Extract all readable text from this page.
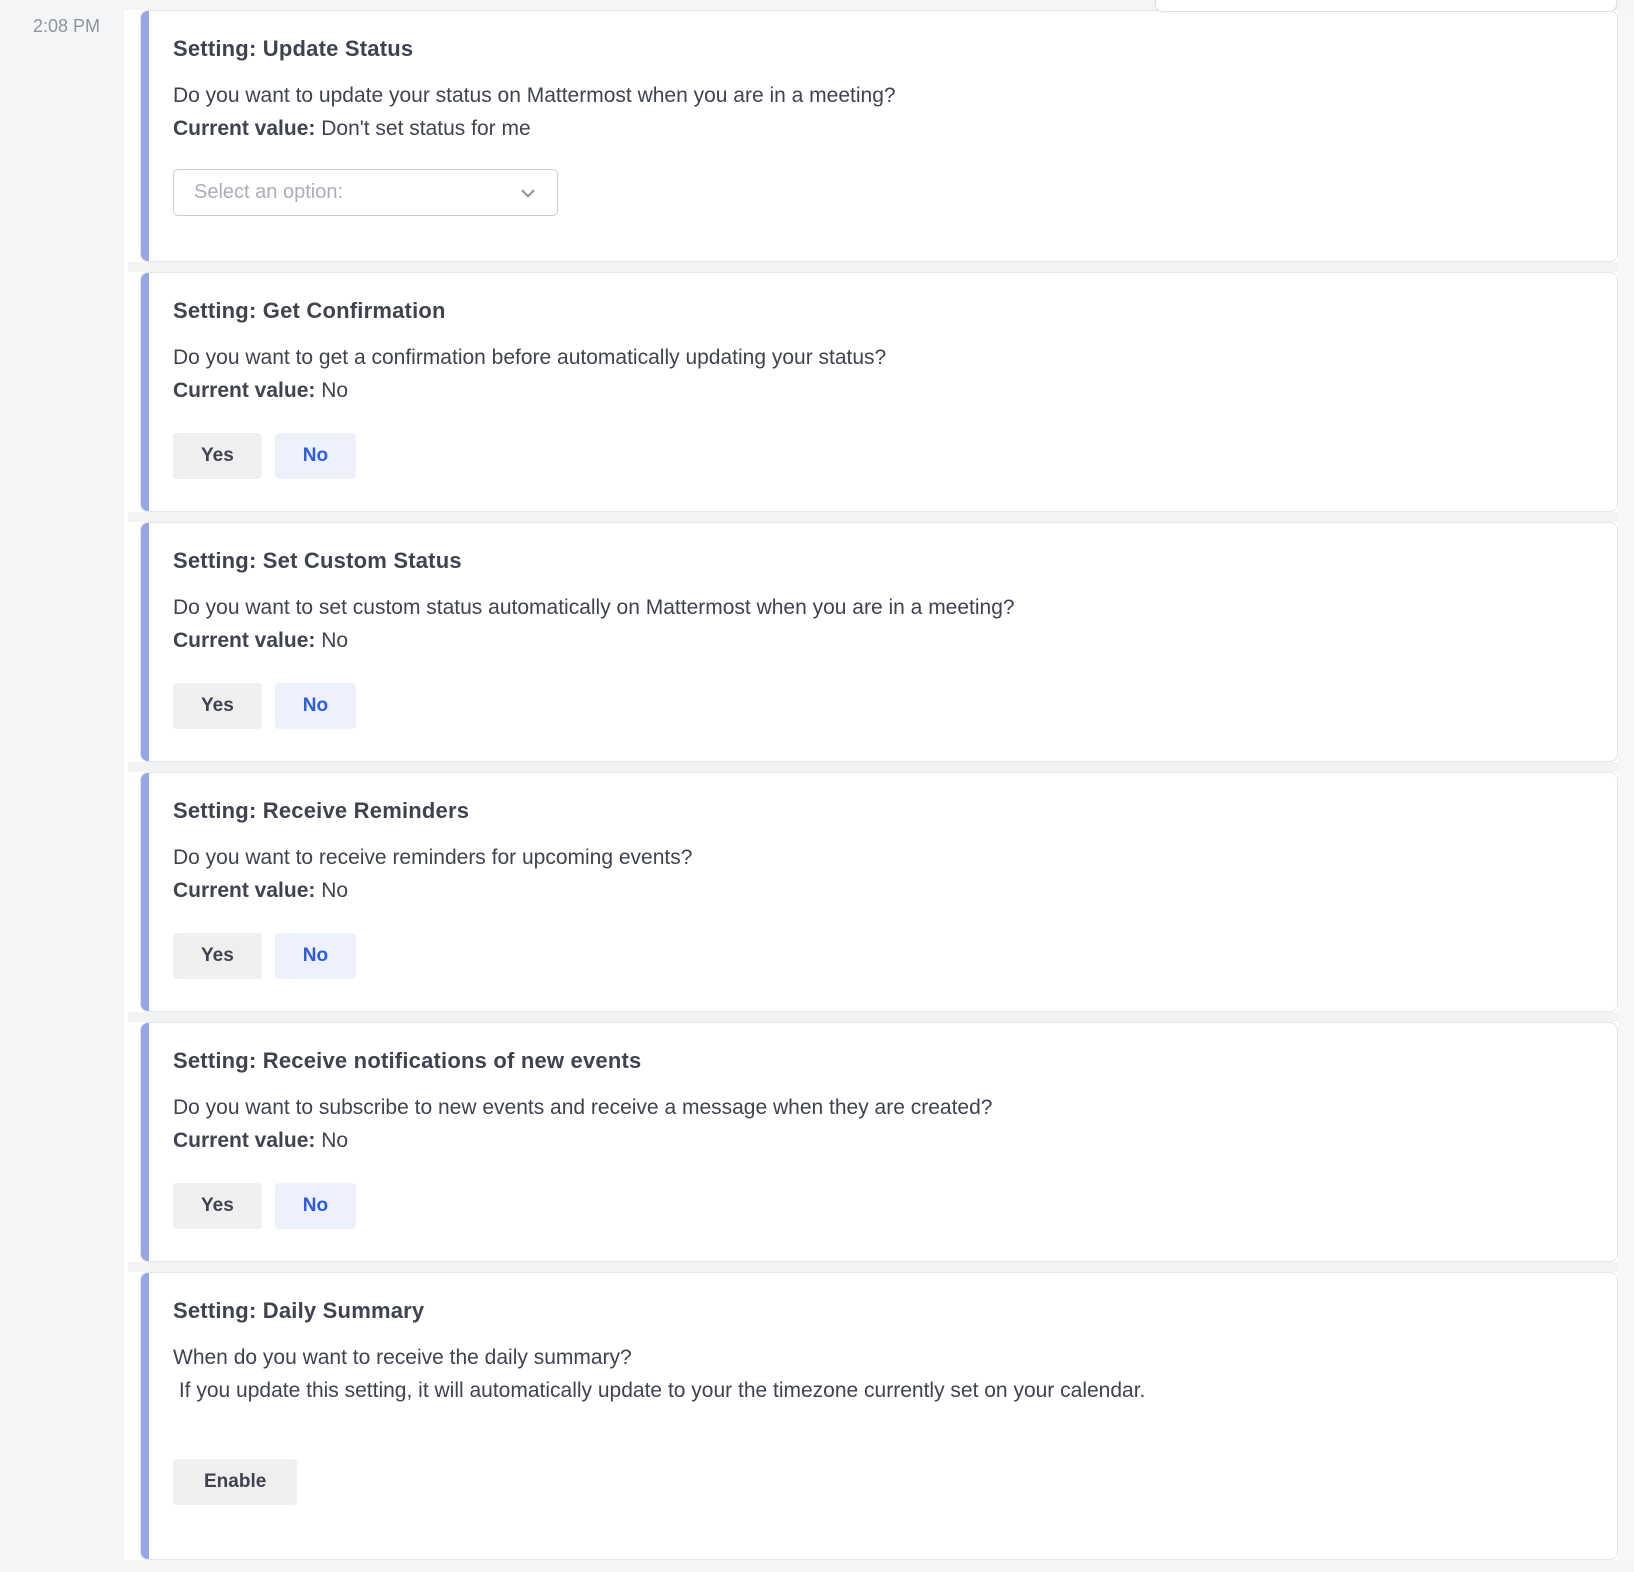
2:08 PM
Setting: Update Status
Do you want to update your status on Mattermost when you are in a meeting?
Current value: Don't set status for me
Select an option:
Setting: Get Confirmation
Do you want to get a confirmation before automatically updating your status?
Current value: No
Yes	No
Setting: Set Custom Status
Do you want to set custom status automatically on Mattermost when you are in a meeting?
Current value: No
Yes	No
Setting: Receive Reminders
Do you want to receive reminders for upcoming events?
Current value: No
Yes	No
Setting: Receive notifications of new events
Do you want to subscribe to new events and receive a message when they are created?
Current value: No
Yes	No
Setting: Daily Summary
When do you want to receive the daily summary?
If you update this setting, it will automatically update to your the timezone currently set on your calendar.
Enable
